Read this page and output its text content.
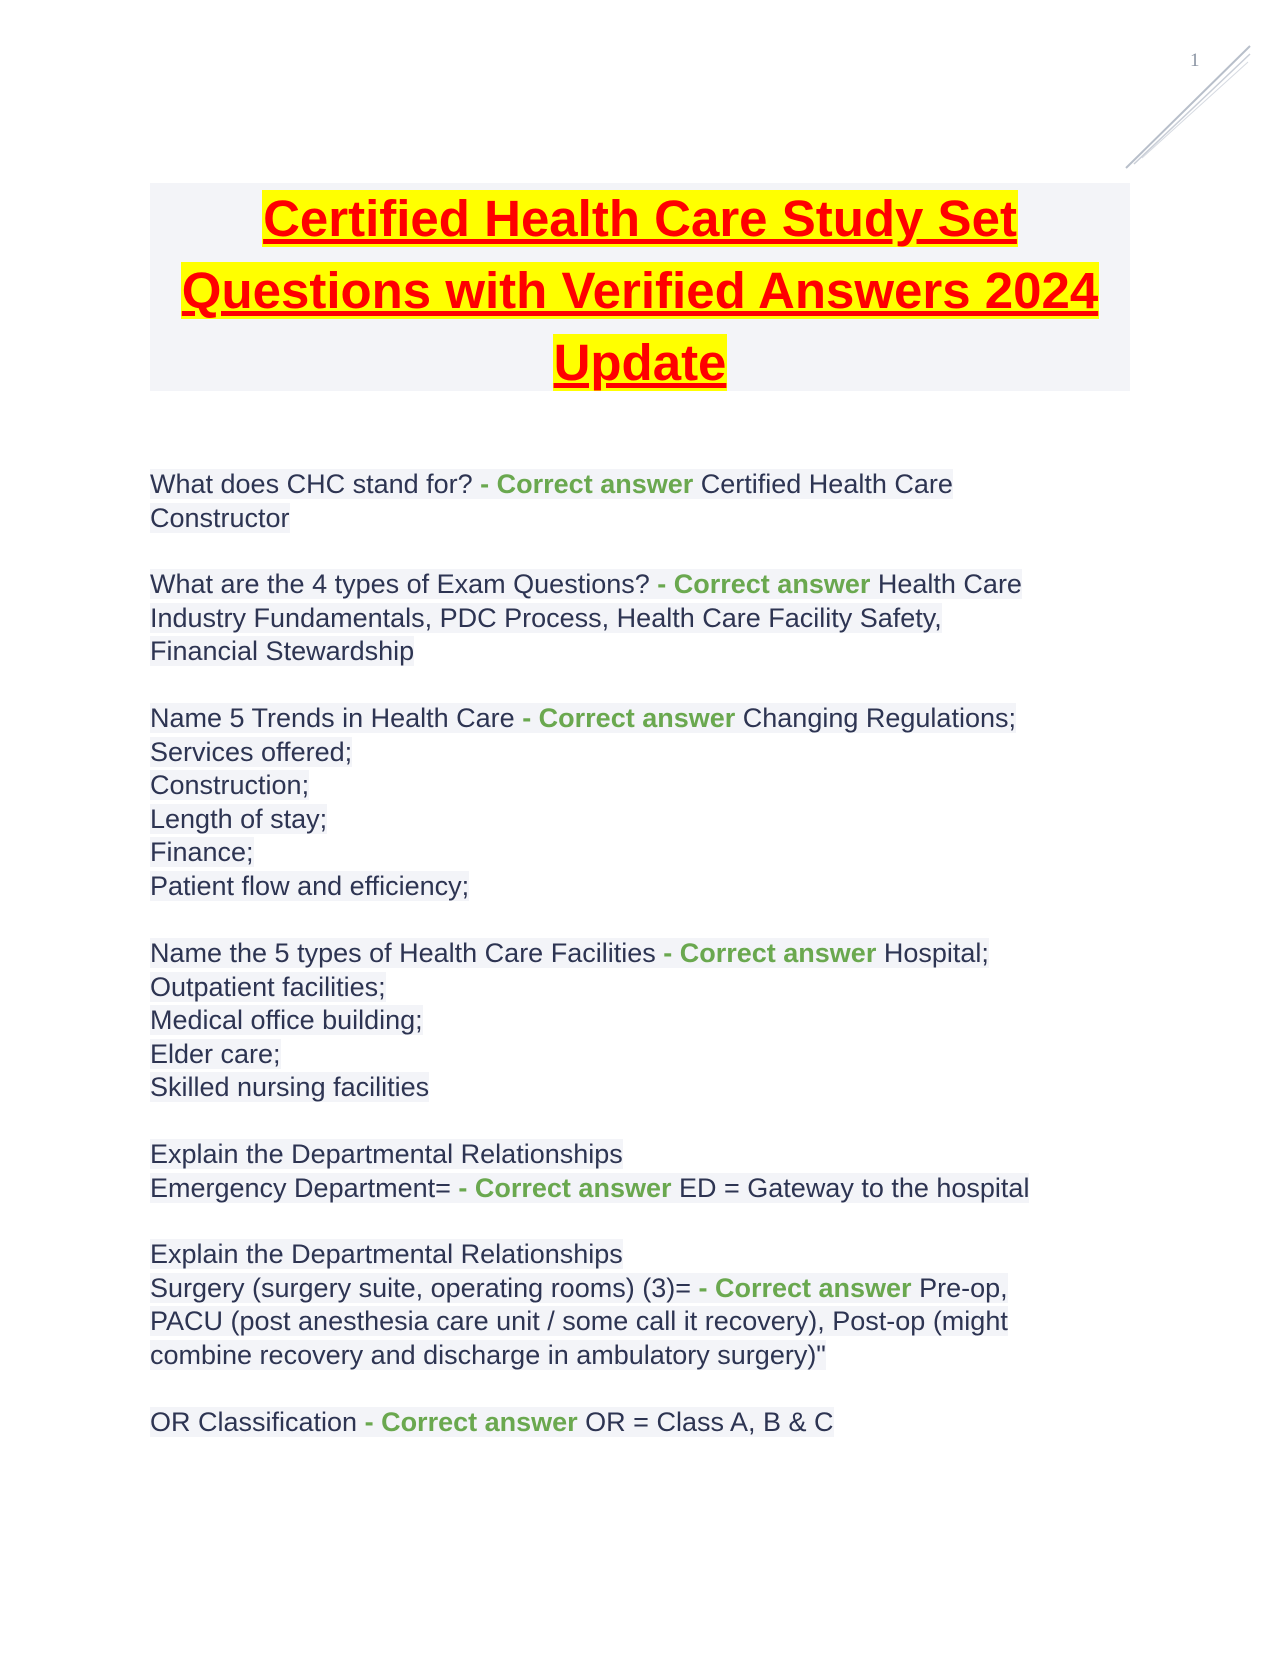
1
Certified Health Care Study Set
Questions with Verified Answers 2024
Update
What does CHC stand for? - Correct answer Certified Health Care
Constructor
What are the 4 types of Exam Questions? - Correct answer Health Care
Industry Fundamentals, PDC Process, Health Care Facility Safety,
Financial Stewardship
Name 5 Trends in Health Care - Correct answer Changing Regulations;
Services offered;
Construction;
Length of stay;
Finance;
Patient flow and efficiency;
Name the 5 types of Health Care Facilities - Correct answer Hospital;
Outpatient facilities;
Medical office building;
Elder care;
Skilled nursing facilities
Explain the Departmental Relationships
Emergency Department= - Correct answer ED = Gateway to the hospital
Explain the Departmental Relationships
Surgery (surgery suite, operating rooms) (3)= - Correct answer Pre-op,
PACU (post anesthesia care unit / some call it recovery), Post-op (might
combine recovery and discharge in ambulatory surgery)"
OR Classification - Correct answer OR = Class A, B & C
